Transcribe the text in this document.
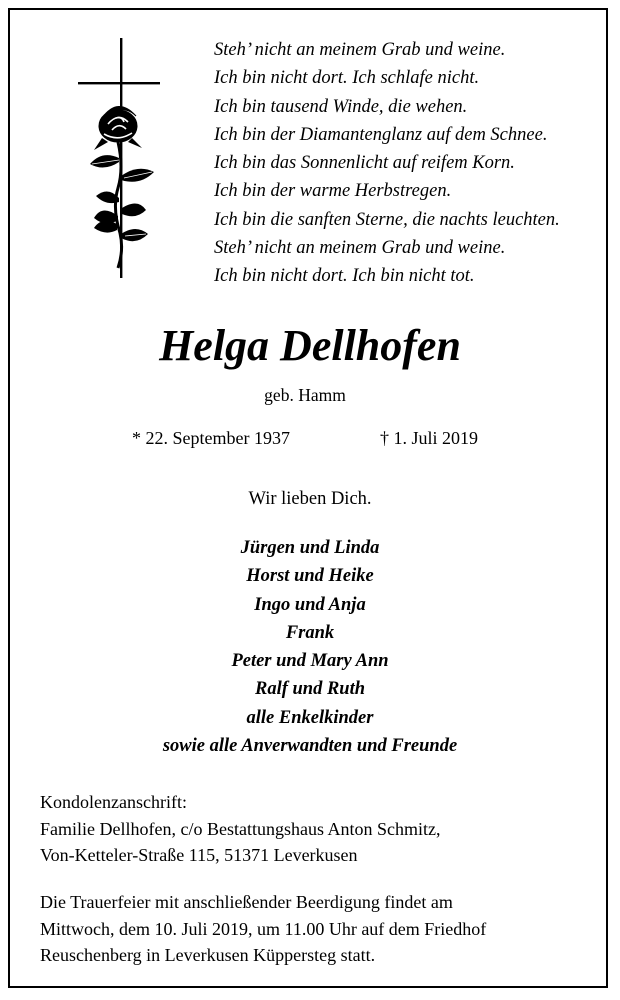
Steh’ nicht an meinem Grab und weine.
Ich bin nicht dort. Ich schlafe nicht.
Ich bin tausend Winde, die wehen.
Ich bin der Diamantenglanz auf dem Schnee.
Ich bin das Sonnenlicht auf reifem Korn.
Ich bin der warme Herbstregen.
Ich bin die sanften Sterne, die nachts leuchten.
Steh’ nicht an meinem Grab und weine.
Ich bin nicht dort. Ich bin nicht tot.
Helga Dellhofen
geb. Hamm
* 22. September 1937	† 1. Juli 2019
Wir lieben Dich.
Jürgen und Linda
Horst und Heike
Ingo und Anja
Frank
Peter und Mary Ann
Ralf und Ruth
alle Enkelkinder
sowie alle Anverwandten und Freunde
Kondolenzanschrift:
Familie Dellhofen, c/o Bestattungshaus Anton Schmitz,
Von-Ketteler-Straße 115, 51371 Leverkusen
Die Trauerfeier mit anschließender Beerdigung findet am
Mittwoch, dem 10. Juli 2019, um 11.00 Uhr auf dem Friedhof
Reuschenberg in Leverkusen Küppersteg statt.
